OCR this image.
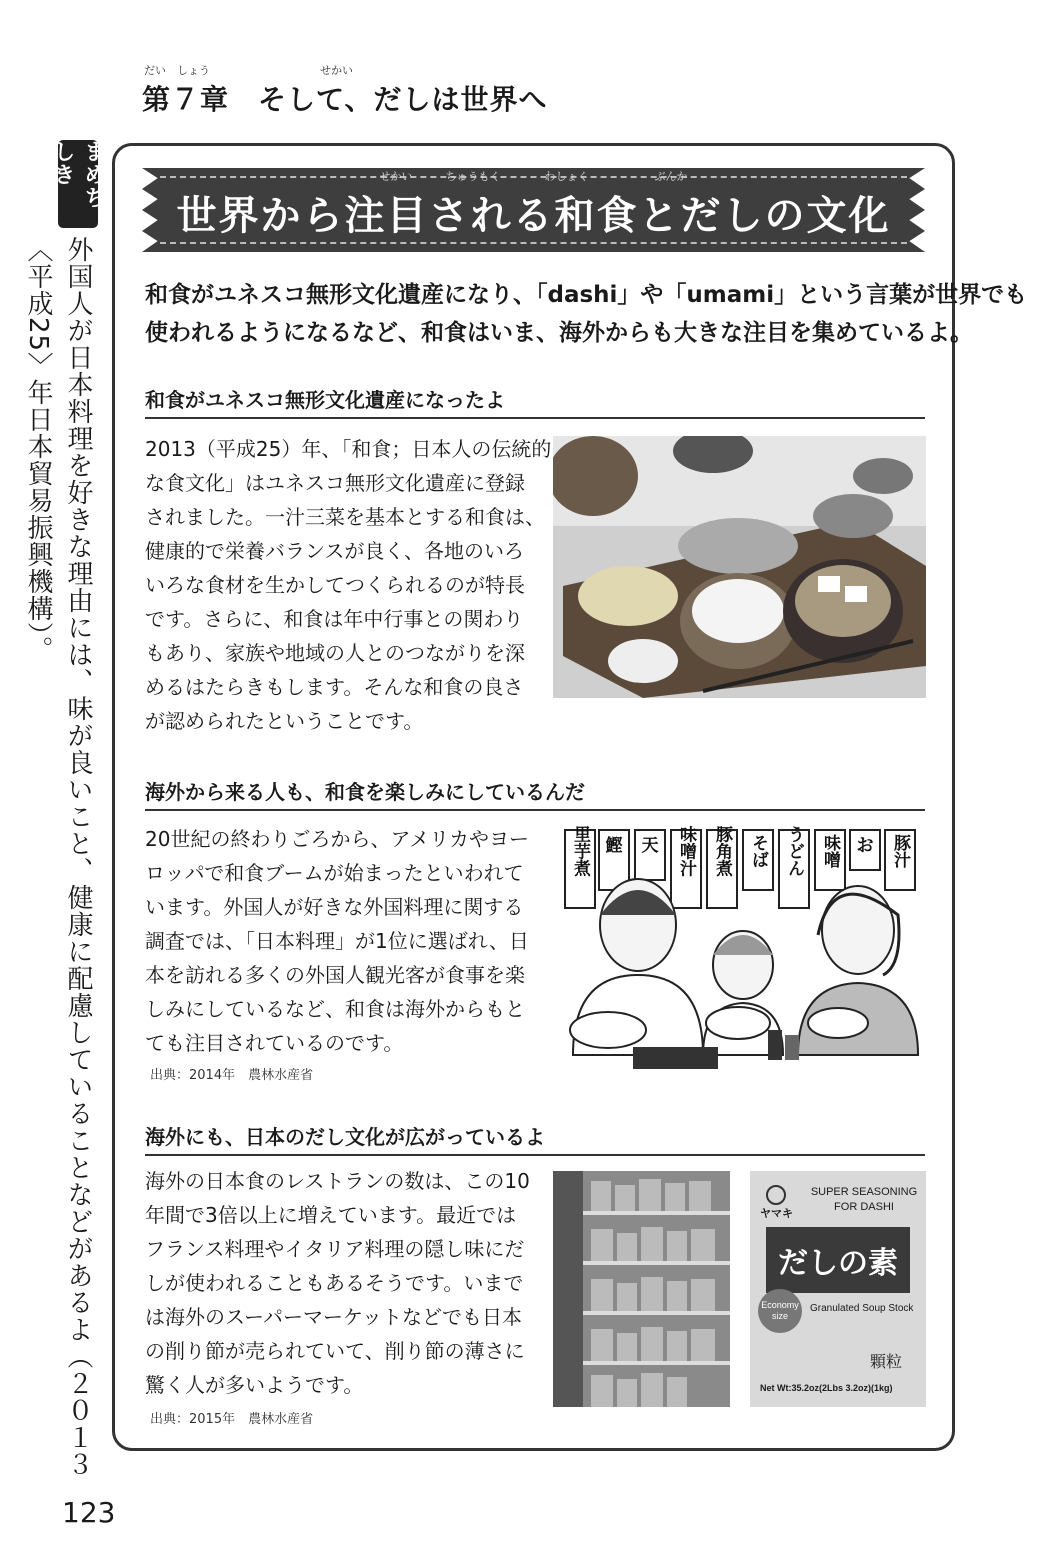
だい　しょう　　　　　　　　　　せかい
第７章　そして、だしは世界へ
まめちしき
外国人が日本料理を好きな理由には、味が良いこと、健康に配慮していることなどがあるよ（２０１３〈平成25〉年日本貿易振興機構）。
123
せかい　　　ちゅうもく　　　　わしょく　　　　　　ぶんか
世界から注目される和食とだしの文化

和食がユネスコ無形文化遺産になり、「dashi」や「umami」という言葉が世界でも

使われるようになるなど、和食はいま、海外からも大きな注目を集めているよ。

和食がユネスコ無形文化遺産になったよ

2013（平成25）年、「和食；日本人の伝統的

な食文化」はユネスコ無形文化遺産に登録

されました。一汁三菜を基本とする和食は、

健康的で栄養バランスが良く、各地のいろ

いろな食材を生かしてつくられるのが特長

です。さらに、和食は年中行事との関わり

もあり、家族や地域の人とのつながりを深

めるはたらきもします。そんな和食の良さ

が認められたということです。

海外から来る人も、和食を楽しみにしているんだ

20世紀の終わりごろから、アメリカやヨー

ロッパで和食ブームが始まったといわれて

います。外国人が好きな外国料理に関する

調査では、「日本料理」が1位に選ばれ、日

本を訪れる多くの外国人観光客が食事を楽

しみにしているなど、和食は海外からもと

ても注目されているのです。

出典：2014年　農林水産省
里芋煮 鰹 天 味噌汁 豚角煮 そば うどん 味噌 お 豚汁
海外にも、日本のだし文化が広がっているよ

海外の日本食のレストランの数は、この10

年間で3倍以上に増えています。最近では

フランス料理やイタリア料理の隠し味にだ

しが使われることもあるそうです。いまで

は海外のスーパーマーケットなどでも日本

の削り節が売られていて、削り節の薄さに

驚く人が多いようです。

出典：2015年　農林水産省
ヤマキ
SUPER SEASONING
FOR DASHI
だしの素
Economy
size
Granulated Soup Stock
顆粒
Net Wt:35.2oz(2Lbs 3.2oz)(1kg)
